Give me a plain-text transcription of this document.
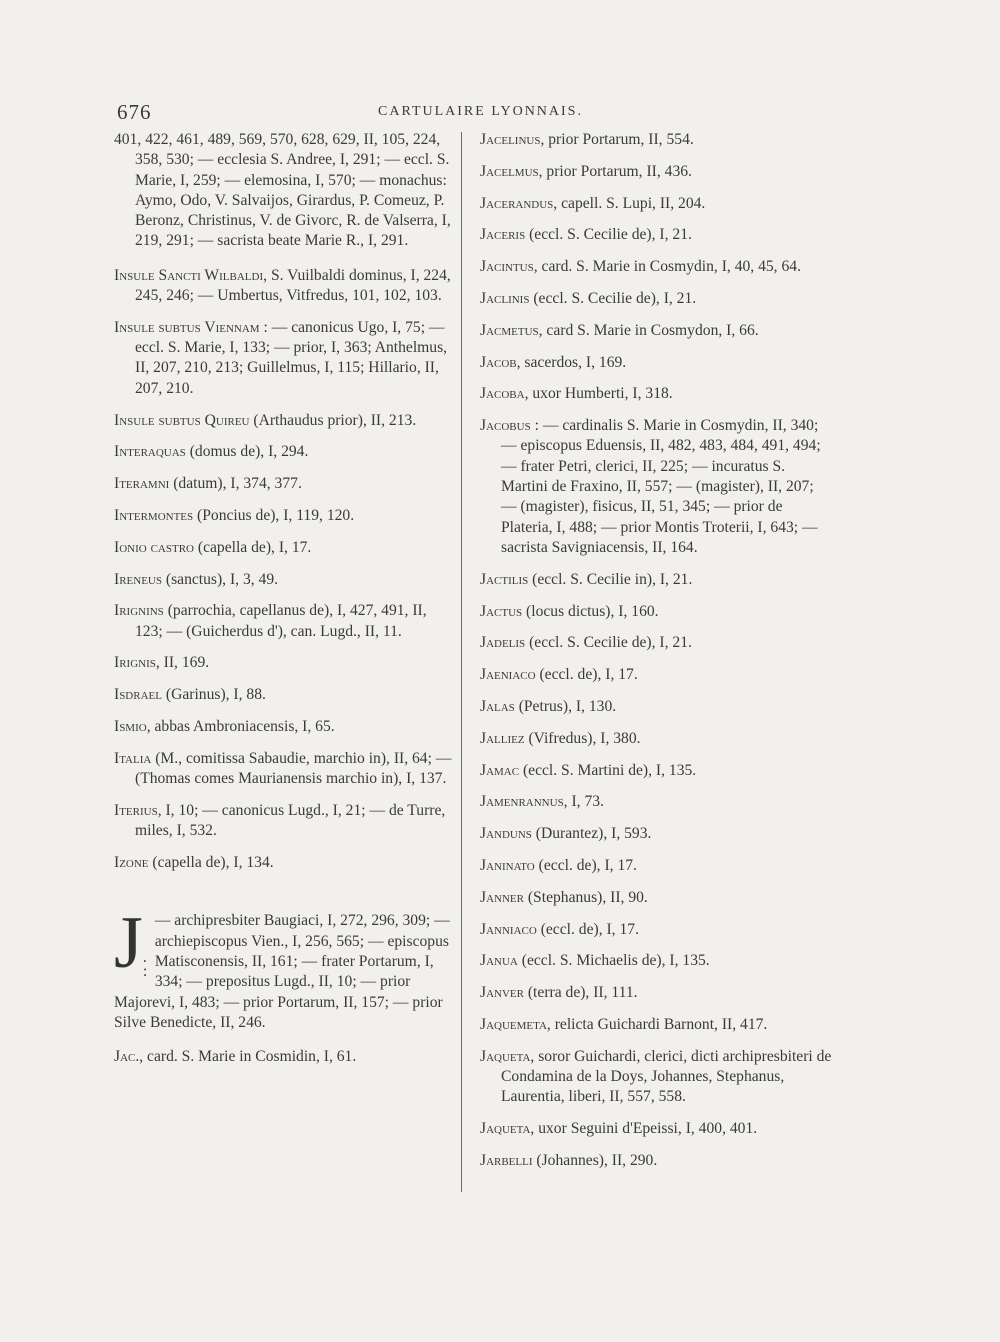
676	CARTULAIRE LYONNAIS.

401, 422, 461, 489, 569, 570, 628, 629, II, 105, 224, 358, 530; — ecclesia S. Andree, I, 291; — eccl. S. Marie, I, 259; — elemosina, I, 570; — monachus: Aymo, Odo, V. Salvaijos, Girardus, P. Comeuz, P. Beronz, Christinus, V. de Givorc, R. de Valserra, I, 219, 291; — sacrista beate Marie R., I, 291.

Insule Sancti Wilbaldi, S. Vuilbaldi dominus, I, 224, 245, 246; — Umbertus, Vitfredus, 101, 102, 103.

Insule subtus Viennam : — canonicus Ugo, I, 75; — eccl. S. Marie, I, 133; — prior, I, 363; Anthelmus, II, 207, 210, 213; Guillelmus, I, 115; Hillario, II, 207, 210.

Insule subtus Quireu (Arthaudus prior), II, 213.

Interaquas (domus de), I, 294.

Iteramni (datum), I, 374, 377.

Intermontes (Poncius de), I, 119, 120.

Ionio castro (capella de), I, 17.

Ireneus (sanctus), I, 3, 49.

Irignins (parrochia, capellanus de), I, 427, 491, II, 123; — (Guicherdus d'), can. Lugd., II, 11.

Irignis, II, 169.

Isdrael (Garinus), I, 88.

Ismio, abbas Ambroniacensis, I, 65.

Italia (M., comitissa Sabaudie, marchio in), II, 64; — (Thomas comes Maurianensis marchio in), I, 137.

Iterius, I, 10; — canonicus Lugd., I, 21; — de Turre, miles, I, 532.

Izone (capella de), I, 134.

J . :
— archipresbiter Baugiaci, I, 272, 296, 309; — archiepiscopus Vien., I, 256, 565; — episcopus Matisconensis, II, 161; — frater Portarum, I, 334; — prepositus Lugd., II, 10; — prior Majorevi, I, 483; — prior Portarum, II, 157; — prior Silve Benedicte, II, 246.

Jac., card. S. Marie in Cosmidin, I, 61.

Jacelinus, prior Portarum, II, 554.

Jacelmus, prior Portarum, II, 436.

Jacerandus, capell. S. Lupi, II, 204.

Jaceris (eccl. S. Cecilie de), I, 21.

Jacintus, card. S. Marie in Cosmydin, I, 40, 45, 64.

Jaclinis (eccl. S. Cecilie de), I, 21.

Jacmetus, card S. Marie in Cosmydon, I, 66.

Jacob, sacerdos, I, 169.

Jacoba, uxor Humberti, I, 318.

Jacobus : — cardinalis S. Marie in Cosmydin, II, 340; — episcopus Eduensis, II, 482, 483, 484, 491, 494; — frater Petri, clerici, II, 225; — incuratus S. Martini de Fraxino, II, 557; — (magister), II, 207; — (magister), fisicus, II, 51, 345; — prior de Plateria, I, 488; — prior Montis Troterii, I, 643; — sacrista Savigniacensis, II, 164.

Jactilis (eccl. S. Cecilie in), I, 21.

Jactus (locus dictus), I, 160.

Jadelis (eccl. S. Cecilie de), I, 21.

Jaeniaco (eccl. de), I, 17.

Jalas (Petrus), I, 130.

Jalliez (Vifredus), I, 380.

Jamac (eccl. S. Martini de), I, 135.

Jamenrannus, I, 73.

Janduns (Durantez), I, 593.

Janinato (eccl. de), I, 17.

Janner (Stephanus), II, 90.

Janniaco (eccl. de), I, 17.

Janua (eccl. S. Michaelis de), I, 135.

Janver (terra de), II, 111.

Jaquemeta, relicta Guichardi Barnont, II, 417.

Jaqueta, soror Guichardi, clerici, dicti archipresbiteri de Condamina de la Doys, Johannes, Stephanus, Laurentia, liberi, II, 557, 558.

Jaqueta, uxor Seguini d'Epeissi, I, 400, 401.

Jarbelli (Johannes), II, 290.
